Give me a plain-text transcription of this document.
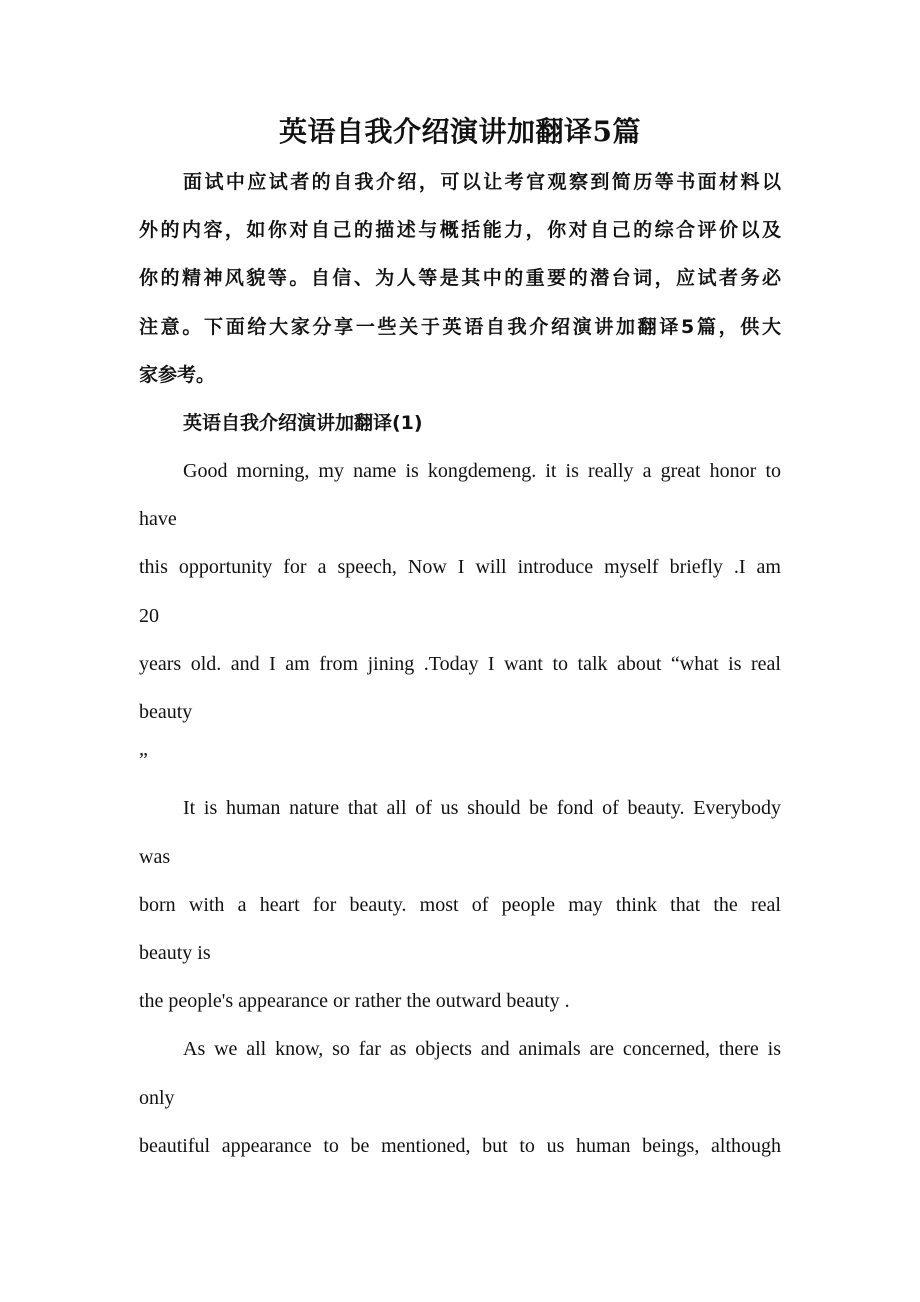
英语自我介绍演讲加翻译5篇
面试中应试者的自我介绍，可以让考官观察到简历等书面材料以
外的内容，如你对自己的描述与概括能力，你对自己的综合评价以及
你的精神风貌等。自信、为人等是其中的重要的潜台词，应试者务必
注意。下面给大家分享一些关于英语自我介绍演讲加翻译5篇，供大
家参考。

英语自我介绍演讲加翻译(1)

Good morning, my name is kongdemeng. it is really a great honor to
have
this opportunity for a speech, Now I will introduce myself briefly .I am
20
years old. and I am from jining .Today I want to talk about “what is real
beauty
”
It is human nature that all of us should be fond of beauty. Everybody
was
born with a heart for beauty. most of people may think that the real
beauty is
the people's appearance or rather the outward beauty .
As we all know, so far as objects and animals are concerned, there is
only
beautiful appearance to be mentioned, but to us human beings, although
